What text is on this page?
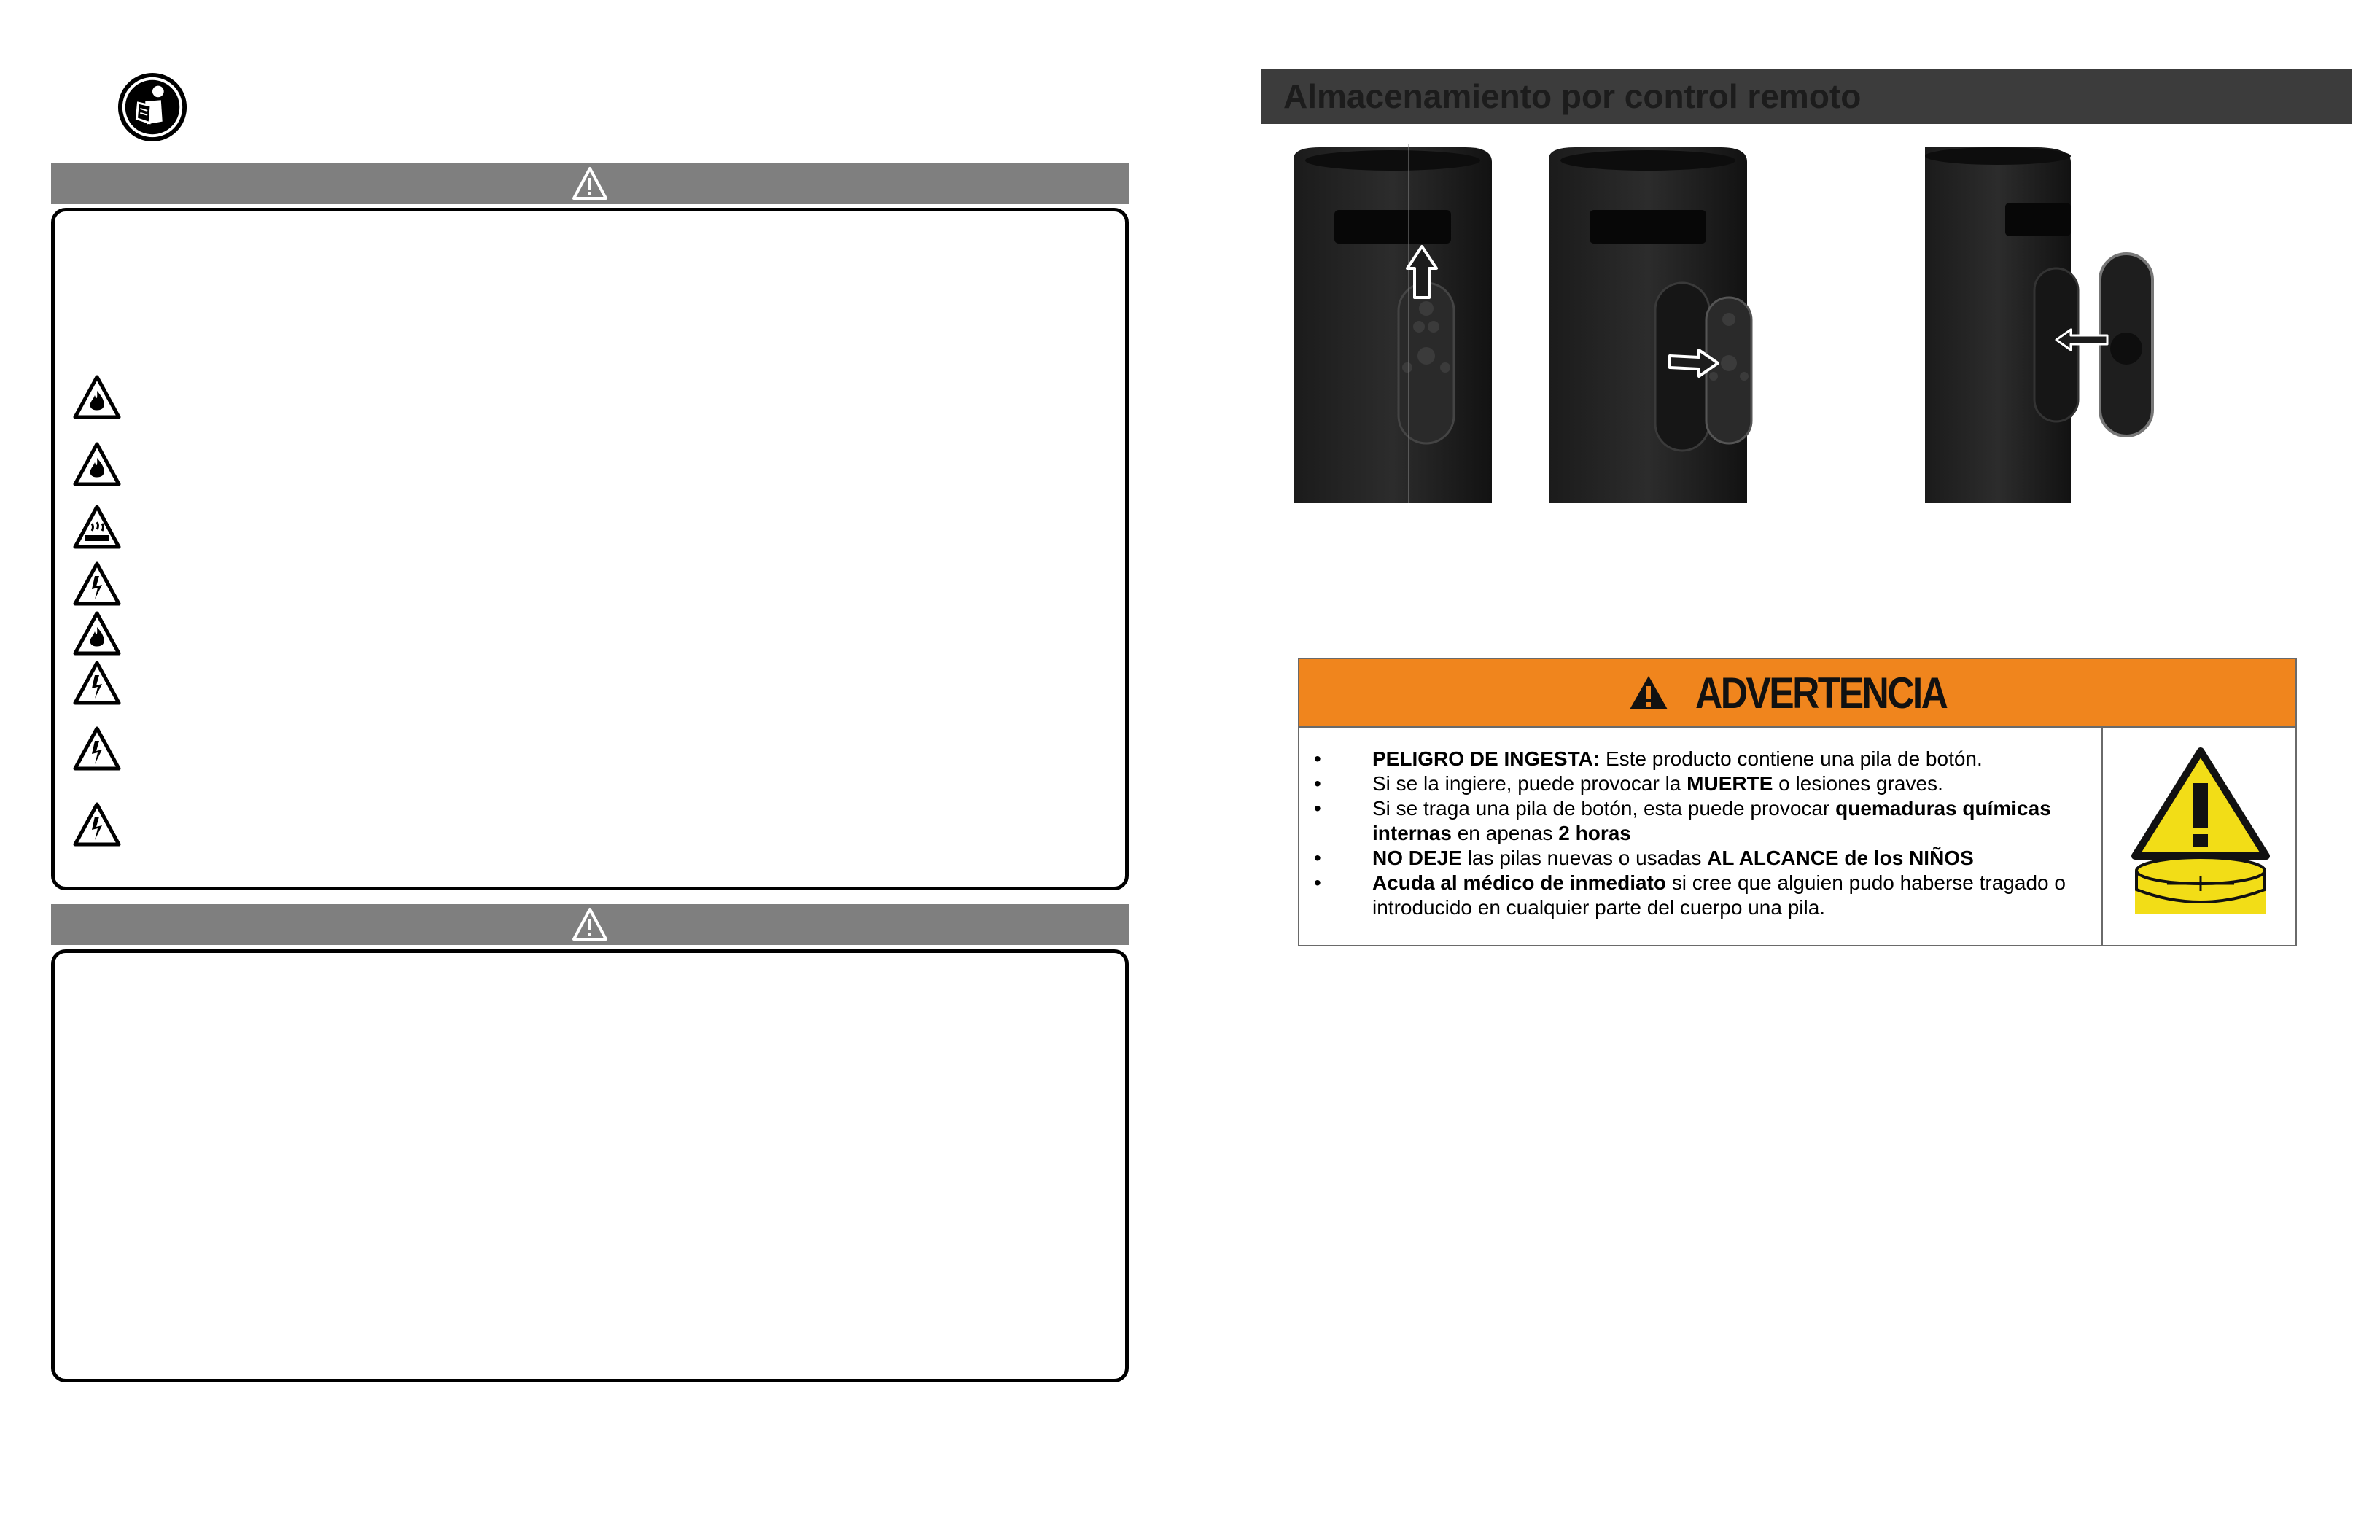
Almacenamiento por control remoto
ADVERTENCIA
•	PELIGRO DE INGESTA: Este producto contiene una pila de botón.
•	Si se la ingiere, puede provocar la MUERTE o lesiones graves.
•	Si se traga una pila de botón, esta puede provocar quemaduras químicas internas en apenas 2 horas
•	NO DEJE las pilas nuevas o usadas AL ALCANCE de los NIÑOS
•	Acuda al médico de inmediato si cree que alguien pudo haberse tragado o introducido en cualquier parte del cuerpo una pila.
